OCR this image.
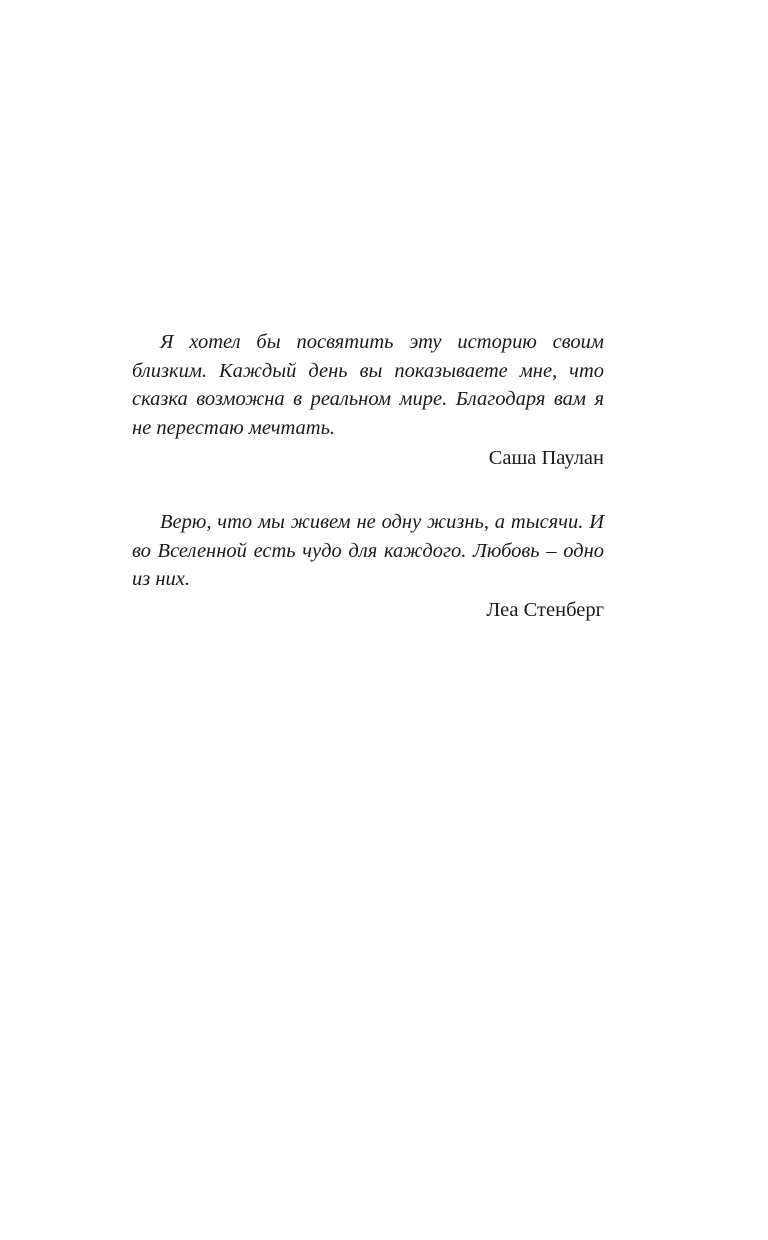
Я хотел бы посвятить эту историю своим близким. Каждый день вы показываете мне, что сказка возможна в реальном мире. Благодаря вам я не перестаю мечтать.

Саша Паулан

Верю, что мы живем не одну жизнь, а тысячи. И во Вселенной есть чудо для каждого. Любовь – одно из них.

Леа Стенберг
